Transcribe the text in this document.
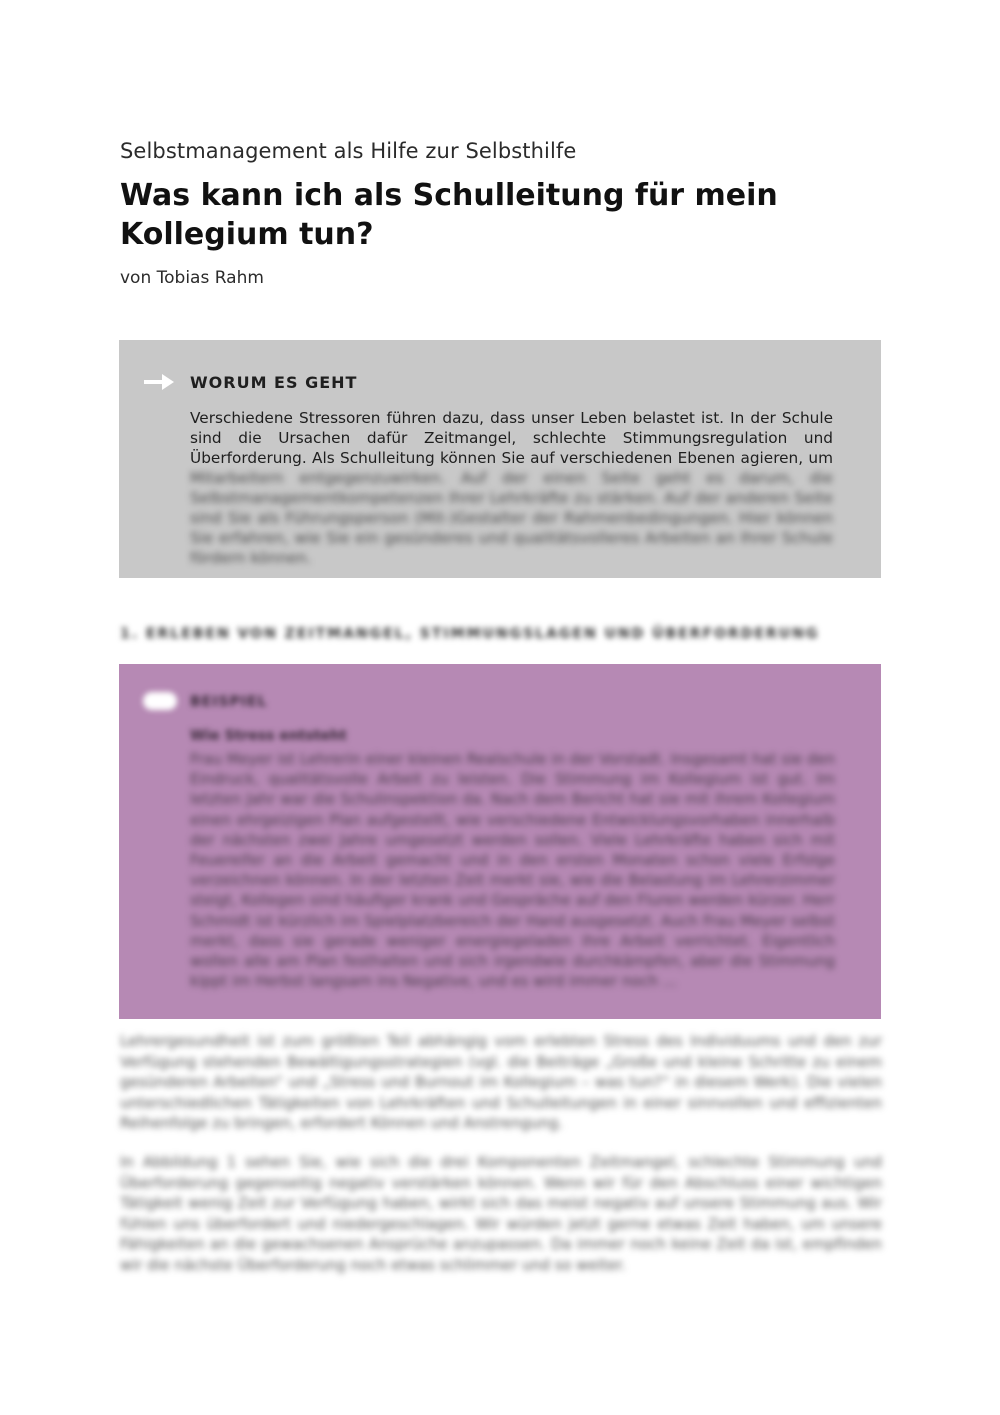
Selbstmanagement als Hilfe zur Selbsthilfe
Was kann ich als Schulleitung für mein Kollegium tun?
von Tobias Rahm
WORUM ES GEHT
Verschiedene Stressoren führen dazu, dass unser Leben belastet ist. In der Schule sind die Ursachen dafür Zeitmangel, schlechte Stimmungsregulation und Überforderung. Als Schulleitung können Sie auf verschiedenen Ebenen agieren, um
Mitarbeitern entgegenzuwirken. Auf der einen Seite geht es darum, die Selbstmanagementkompetenzen Ihrer Lehrkräfte zu stärken. Auf der anderen Seite sind Sie als Führungsperson (Mit-)Gestalter der Rahmenbedingungen. Hier können Sie erfahren, wie Sie ein gesünderes und qualitätsvolleres Arbeiten an Ihrer Schule fördern können.
1. ERLEBEN VON ZEITMANGEL, STIMMUNGSLAGEN UND ÜBERFORDERUNG
BEISPIEL
Wie Stress entsteht
Frau Meyer ist Lehrerin einer kleinen Realschule in der Vorstadt. Insgesamt hat sie den Eindruck, qualitätsvolle Arbeit zu leisten. Die Stimmung im Kollegium ist gut. Im letzten Jahr war die Schulinspektion da. Nach dem Bericht hat sie mit ihrem Kollegium einen ehrgeizigen Plan aufgestellt, wie verschiedene Entwicklungsvorhaben innerhalb der nächsten zwei Jahre umgesetzt werden sollen. Viele Lehrkräfte haben sich mit Feuereifer an die Arbeit gemacht und in den ersten Monaten schon viele Erfolge verzeichnen können. In der letzten Zeit merkt sie, wie die Belastung im Lehrerzimmer steigt, Kollegen sind häufiger krank und Gespräche auf den Fluren werden kürzer. Herr Schmidt ist kürzlich im Spielplatzbereich der Hand ausgesetzt. Auch Frau Meyer selbst merkt, dass sie gerade weniger energiegeladen ihre Arbeit verrichtet. Eigentlich wollen alle am Plan festhalten und sich irgendwie durchkämpfen, aber die Stimmung kippt im Herbst langsam ins Negative, und es wird immer noch ...

Lehrergesundheit ist zum größten Teil abhängig vom erlebten Stress des Individuums und den zur Verfügung stehenden Bewältigungsstrategien (vgl. die Beiträge „Große und kleine Schritte zu einem gesünderen Arbeiten“ und „Stress und Burnout im Kollegium – was tun?“ in diesem Werk). Die vielen unterschiedlichen Tätigkeiten von Lehrkräften und Schulleitungen in einer sinnvollen und effizienten Reihenfolge zu bringen, erfordert Können und Anstrengung.

In Abbildung 1 sehen Sie, wie sich die drei Komponenten Zeitmangel, schlechte Stimmung und Überforderung gegenseitig negativ verstärken können. Wenn wir für den Abschluss einer wichtigen Tätigkeit wenig Zeit zur Verfügung haben, wirkt sich das meist negativ auf unsere Stimmung aus. Wir fühlen uns überfordert und niedergeschlagen. Wir würden jetzt gerne etwas Zeit haben, um unsere Fähigkeiten an die gewachsenen Ansprüche anzupassen. Da immer noch keine Zeit da ist, empfinden wir die nächste Überforderung noch etwas schlimmer und so weiter.
